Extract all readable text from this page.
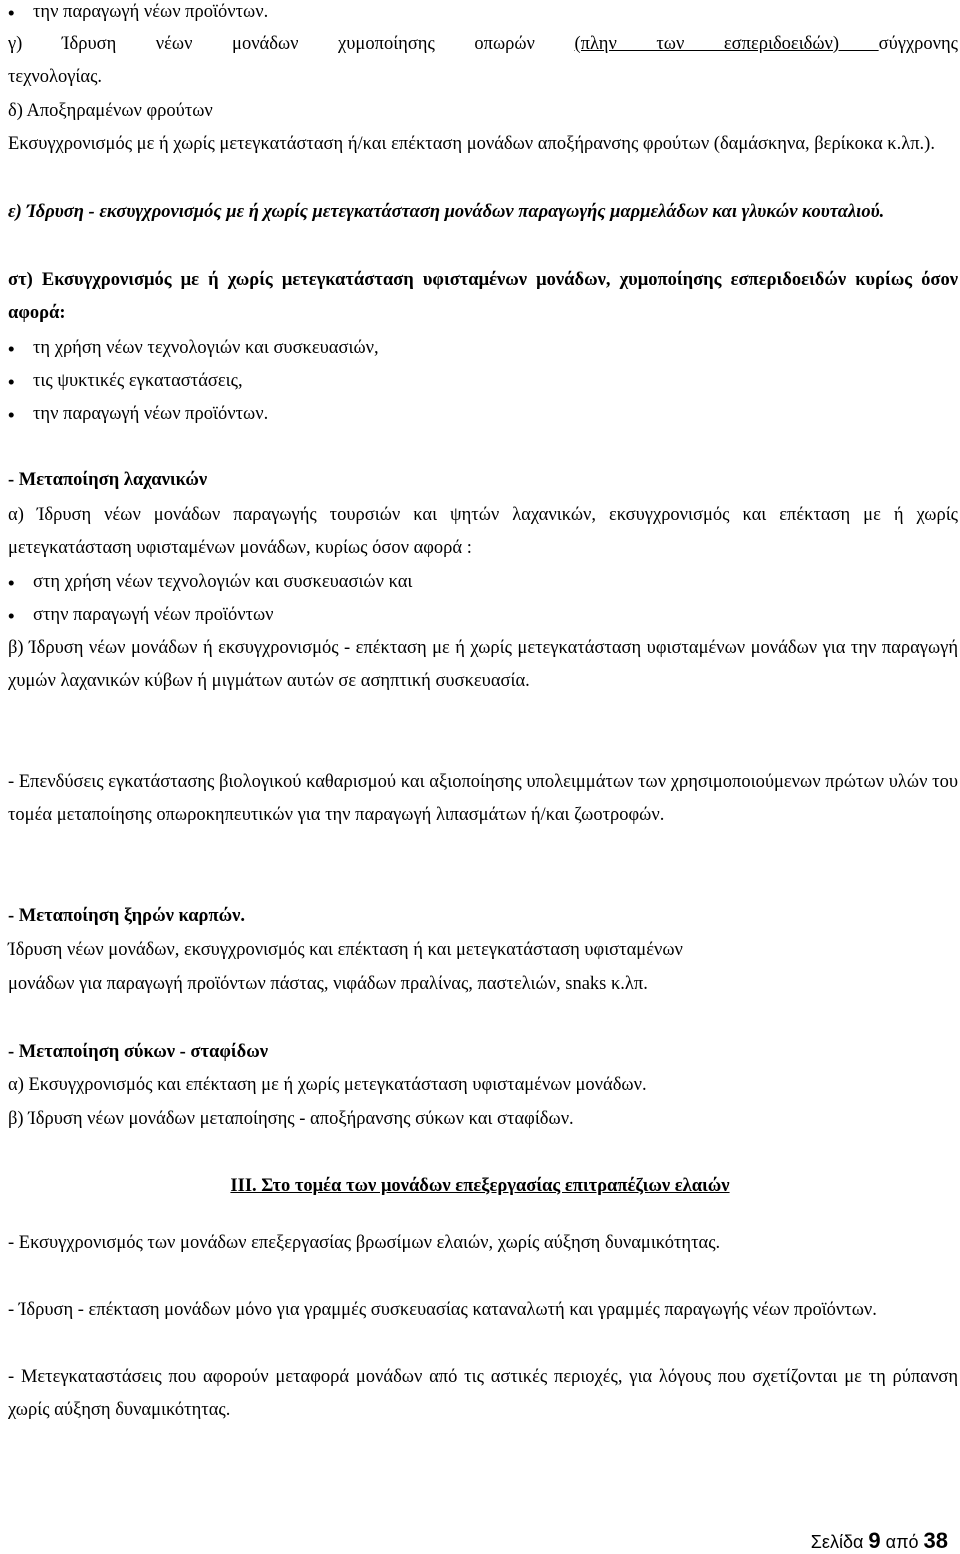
• την παραγωγή νέων προϊόντων.
γ) Ίδρυση νέων μονάδων χυμοποίησης οπωρών (πλην των εσπεριδοειδών) σύγχρονης
τεχνολογίας.
δ) Αποξηραμένων φρούτων
Εκσυγχρονισμός με ή χωρίς μετεγκατάσταση ή/και επέκταση μονάδων αποξήρανσης φρούτων (δαμάσκηνα, βερίκοκα κ.λπ.).
ε) Ίδρυση - εκσυγχρονισμός με ή χωρίς μετεγκατάσταση μονάδων παραγωγής μαρμελάδων και γλυκών κουταλιού.
στ) Εκσυγχρονισμός με ή χωρίς μετεγκατάσταση υφισταμένων μονάδων, χυμοποίησης εσπεριδοειδών κυρίως όσον αφορά:
• τη χρήση νέων τεχνολογιών και συσκευασιών,
• τις ψυκτικές εγκαταστάσεις,
• την παραγωγή νέων προϊόντων.
- Μεταποίηση λαχανικών
α) Ίδρυση νέων μονάδων παραγωγής τουρσιών και ψητών λαχανικών, εκσυγχρονισμός και επέκταση με ή χωρίς μετεγκατάσταση υφισταμένων μονάδων, κυρίως όσον αφορά :
• στη χρήση νέων τεχνολογιών και συσκευασιών και
• στην παραγωγή νέων προϊόντων
β) Ίδρυση νέων μονάδων ή εκσυγχρονισμός - επέκταση με ή χωρίς μετεγκατάσταση υφισταμένων μονάδων για την παραγωγή χυμών λαχανικών κύβων ή μιγμάτων αυτών σε ασηπτική συσκευασία.
- Επενδύσεις εγκατάστασης βιολογικού καθαρισμού και αξιοποίησης υπολειμμάτων των χρησιμοποιούμενων πρώτων υλών του τομέα μεταποίησης οπωροκηπευτικών για την παραγωγή λιπασμάτων ή/και ζωοτροφών.
- Μεταποίηση ξηρών καρπών.
Ίδρυση νέων μονάδων, εκσυγχρονισμός και επέκταση ή και μετεγκατάσταση υφισταμένων
μονάδων για παραγωγή προϊόντων πάστας, νιφάδων πραλίνας, παστελιών, snaks κ.λπ.
- Μεταποίηση σύκων - σταφίδων
α) Εκσυγχρονισμός και επέκταση με ή χωρίς μετεγκατάσταση υφισταμένων μονάδων.
β) Ίδρυση νέων μονάδων μεταποίησης - αποξήρανσης σύκων και σταφίδων.
ΙΙΙ. Στο τομέα των μονάδων επεξεργασίας επιτραπέζιων ελαιών
- Εκσυγχρονισμός των μονάδων επεξεργασίας βρωσίμων ελαιών, χωρίς αύξηση δυναμικότητας.
- Ίδρυση - επέκταση μονάδων μόνο για γραμμές συσκευασίας καταναλωτή και γραμμές παραγωγής νέων προϊόντων.
- Μετεγκαταστάσεις που αφορούν μεταφορά μονάδων από τις αστικές περιοχές, για λόγους που σχετίζονται με τη ρύπανση χωρίς αύξηση δυναμικότητας.
Σελίδα 9 από 38
